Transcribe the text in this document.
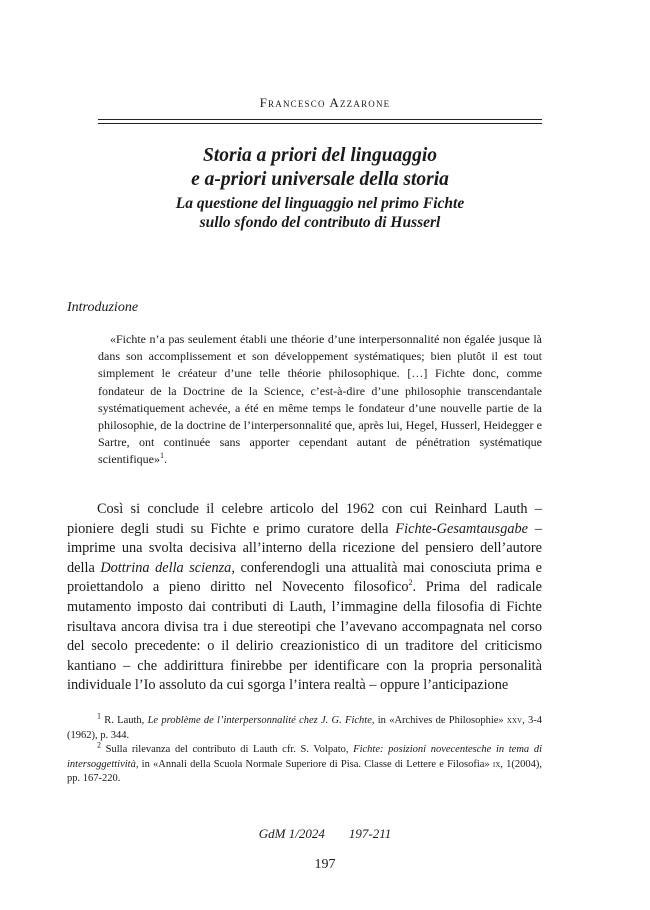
Francesco Azzarone
Storia a priori del linguaggio
e a-priori universale della storia
La questione del linguaggio nel primo Fichte
sullo sfondo del contributo di Husserl
Introduzione

«Fichte n’a pas seulement établi une théorie d’une interpersonnalité non égalée jusque là dans son accomplissement et son développement systématiques; bien plutôt il est tout simplement le créateur d’une telle théorie philosophique. […] Fichte donc, comme fondateur de la Doctrine de la Science, c’est-à-dire d’une philosophie transcendantale systématiquement achevée, a été en même temps le fondateur d’une nouvelle partie de la philosophie, de la doctrine de l’interpersonnalité que, après lui, Hegel, Husserl, Heidegger e Sartre, ont continuée sans apporter cependant autant de pénétration systématique scientifique»$^1$.

Così si conclude il celebre articolo del 1962 con cui Reinhard Lauth – pioniere degli studi su Fichte e primo curatore della Fichte-Gesamtausgabe – imprime una svolta decisiva all’interno della ricezione del pensiero dell’autore della Dottrina della scienza, conferendogli una attualità mai conosciuta prima e proiettandolo a pieno diritto nel Novecento filosofico$^2$. Prima del radicale mutamento imposto dai contributi di Lauth, l’immagine della filosofia di Fichte risultava ancora divisa tra i due stereotipi che l’avevano accompagnata nel corso del secolo precedente: o il delirio creazionistico di un traditore del criticismo kantiano – che addirittura finirebbe per identificare con la propria personalità individuale l’Io assoluto da cui sgorga l’intera realtà – oppure l’anticipazione

$^1$ R. Lauth, Le problème de l’interpersonnalité chez J. G. Fichte, in «Archives de Philosophie» xxv, 3-4 (1962), p. 344.

$^2$ Sulla rilevanza del contributo di Lauth cfr. S. Volpato, Fichte: posizioni novecentesche in tema di intersoggettività, in «Annali della Scuola Normale Superiore di Pisa. Classe di Lettere e Filosofia» ix, 1(2004), pp. 167-220.

GdM 1/2024 197-211
197
